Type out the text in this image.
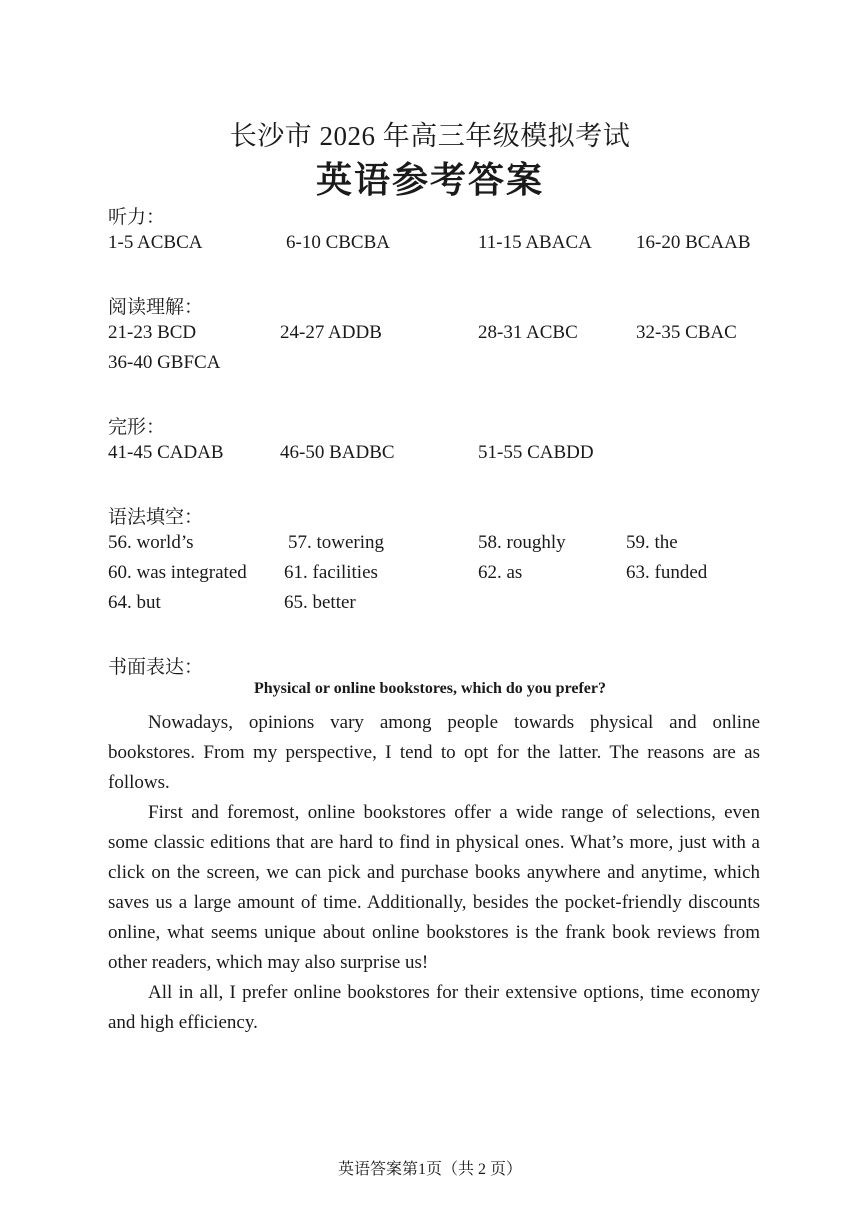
长沙市 2026 年高三年级模拟考试
英语参考答案
听力：
1-5 ACBCA	6-10 CBCBA	11-15 ABACA 16-20 BCAAB
阅读理解：
21-23 BCD	24-27 ADDB	28-31 ACBC	32-35 CBAC
36-40 GBFCA
完形：
41-45 CADAB	46-50 BADBC	51-55 CABDD
语法填空：
56. world’s	57. towering	58. roughly	59. the
60. was integrated 61. facilities	62. as	63. funded
64. but	65. better
书面表达：
Physical or online bookstores, which do you prefer?

Nowadays, opinions vary among people towards physical and online bookstores. From my perspective, I tend to opt for the latter. The reasons are as follows.

First and foremost, online bookstores offer a wide range of selections, even some classic editions that are hard to find in physical ones. What’s more, just with a click on the screen, we can pick and purchase books anywhere and anytime, which saves us a large amount of time. Additionally, besides the pocket-friendly discounts online, what seems unique about online bookstores is the frank book reviews from other readers, which may also surprise us!

All in all, I prefer online bookstores for their extensive options, time economy and high efficiency.

英语答案第1页（共 2 页）
